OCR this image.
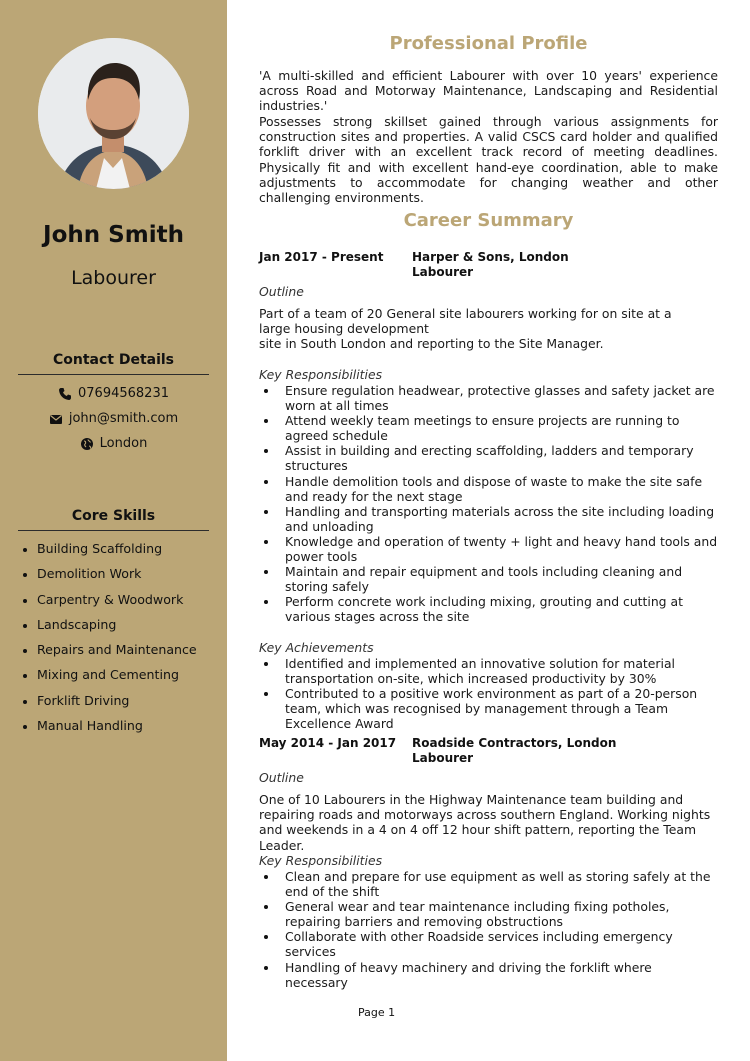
John Smith
Labourer
Contact Details
07694568231
john@smith.com
London
Core Skills
Building Scaffolding
Demolition Work
Carpentry & Woodwork
Landscaping
Repairs and Maintenance
Mixing and Cementing
Forklift Driving
Manual Handling
Professional Profile
'A multi-skilled and efficient Labourer with over 10 years' experience across Road and Motorway Maintenance, Landscaping and Residential industries.'
Possesses strong skillset gained through various assignments for construction sites and properties. A valid CSCS card holder and qualified forklift driver with an excellent track record of meeting deadlines. Physically fit and with excellent hand-eye coordination, able to make adjustments to accommodate for changing weather and other challenging environments.
Career Summary
Jan 2017 - Present Harper & Sons, London
Labourer
Outline
Part of a team of 20 General site labourers working for on site at a large housing development
site in South London and reporting to the Site Manager.
Key Responsibilities
Ensure regulation headwear, protective glasses and safety jacket are worn at all times
Attend weekly team meetings to ensure projects are running to agreed schedule
Assist in building and erecting scaffolding, ladders and temporary structures
Handle demolition tools and dispose of waste to make the site safe and ready for the next stage
Handling and transporting materials across the site including loading and unloading
Knowledge and operation of twenty + light and heavy hand tools and power tools
Maintain and repair equipment and tools including cleaning and storing safely
Perform concrete work including mixing, grouting and cutting at various stages across the site
Key Achievements
Identified and implemented an innovative solution for material transportation on-site, which increased productivity by 30%
Contributed to a positive work environment as part of a 20-person team, which was recognised by management through a Team Excellence Award
May 2014 - Jan 2017 Roadside Contractors, London
Labourer
Outline
One of 10 Labourers in the Highway Maintenance team building and repairing roads and motorways across southern England. Working nights and weekends in a 4 on 4 off 12 hour shift pattern, reporting the Team Leader.
Key Responsibilities
Clean and prepare for use equipment as well as storing safely at the end of the shift
General wear and tear maintenance including fixing potholes, repairing barriers and removing obstructions
Collaborate with other Roadside services including emergency services
Handling of heavy machinery and driving the forklift where necessary
Page 1
